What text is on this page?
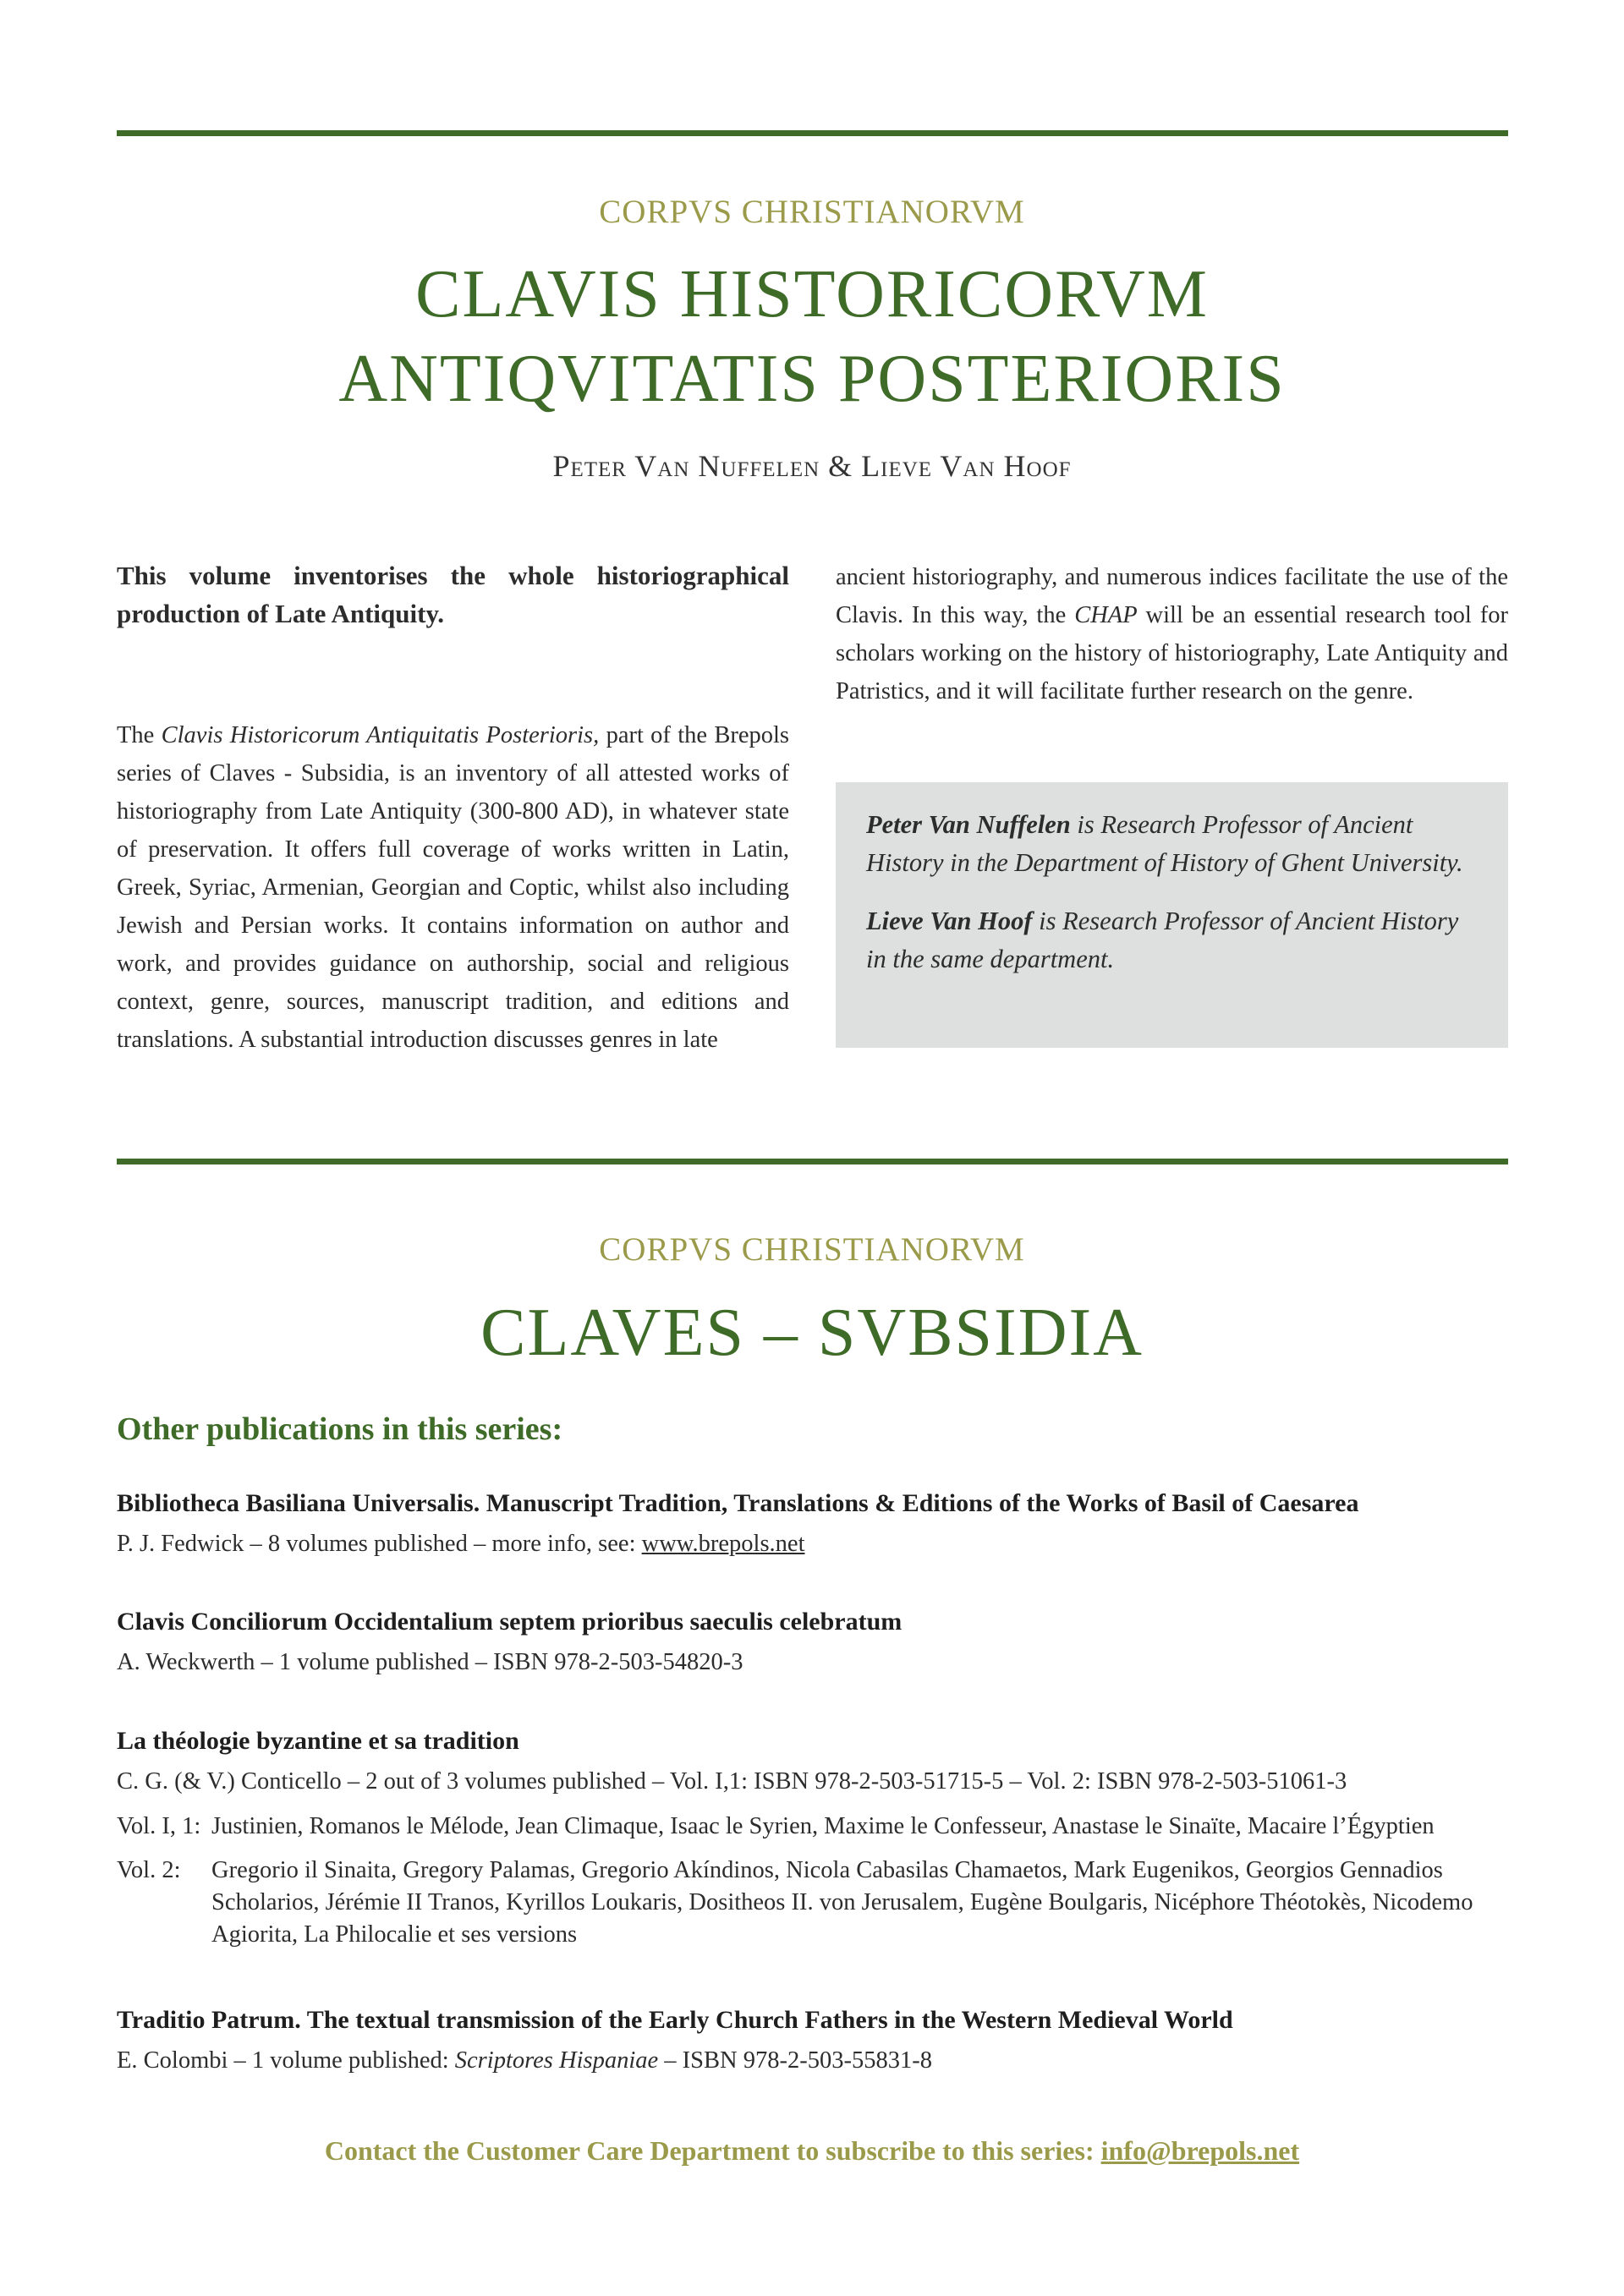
CORPVS CHRISTIANORVM
CLAVIS HISTORICORVM
ANTIQVITATIS POSTERIORIS
Peter Van Nuffelen & Lieve Van Hoof

This volume inventorises the whole historiographical production of Late Antiquity.

The Clavis Historicorum Antiquitatis Posterioris, part of the Brepols series of Claves - Subsidia, is an inventory of all attested works of historiography from Late Antiquity (300-800 AD), in whatever state of preservation. It offers full coverage of works written in Latin, Greek, Syriac, Armenian, Georgian and Coptic, whilst also including Jewish and Persian works. It contains information on author and work, and provides guidance on authorship, social and religious context, genre, sources, manuscript tradition, and editions and translations. A substantial introduction discusses genres in late

ancient historiography, and numerous indices facilitate the use of the Clavis. In this way, the CHAP will be an essential research tool for scholars working on the history of historiography, Late Antiquity and Patristics, and it will facilitate further research on the genre.

Peter Van Nuffelen is Research Professor of Ancient History in the Department of History of Ghent University.

Lieve Van Hoof is Research Professor of Ancient History in the same department.

CORPVS CHRISTIANORVM
CLAVES – SVBSIDIA
Other publications in this series:

Bibliotheca Basiliana Universalis. Manuscript Tradition, Translations & Editions of the Works of Basil of Caesarea

P. J. Fedwick – 8 volumes published – more info, see: www.brepols.net

Clavis Conciliorum Occidentalium septem prioribus saeculis celebratum

A. Weckwerth – 1 volume published – ISBN 978-2-503-54820-3

La théologie byzantine et sa tradition

C. G. (& V.) Conticello – 2 out of 3 volumes published – Vol. I,1: ISBN 978-2-503-51715-5 – Vol. 2: ISBN 978-2-503-51061-3

Vol. I, 1: Justinien, Romanos le Mélode, Jean Climaque, Isaac le Syrien, Maxime le Confesseur, Anastase le Sinaïte, Macaire l’Égyptien
Vol. 2:	Gregorio il Sinaita, Gregory Palamas, Gregorio Akíndinos, Nicola Cabasilas Chamaetos, Mark Eugenikos, Georgios Gennadios Scholarios, Jérémie II Tranos, Kyrillos Loukaris, Dositheos II. von Jerusalem, Eugène Boulgaris, Nicéphore Théotokès, Nicodemo Agiorita, La Philocalie et ses versions

Traditio Patrum. The textual transmission of the Early Church Fathers in the Western Medieval World

E. Colombi – 1 volume published: Scriptores Hispaniae – ISBN 978-2-503-55831-8

Contact the Customer Care Department to subscribe to this series: info@brepols.net
